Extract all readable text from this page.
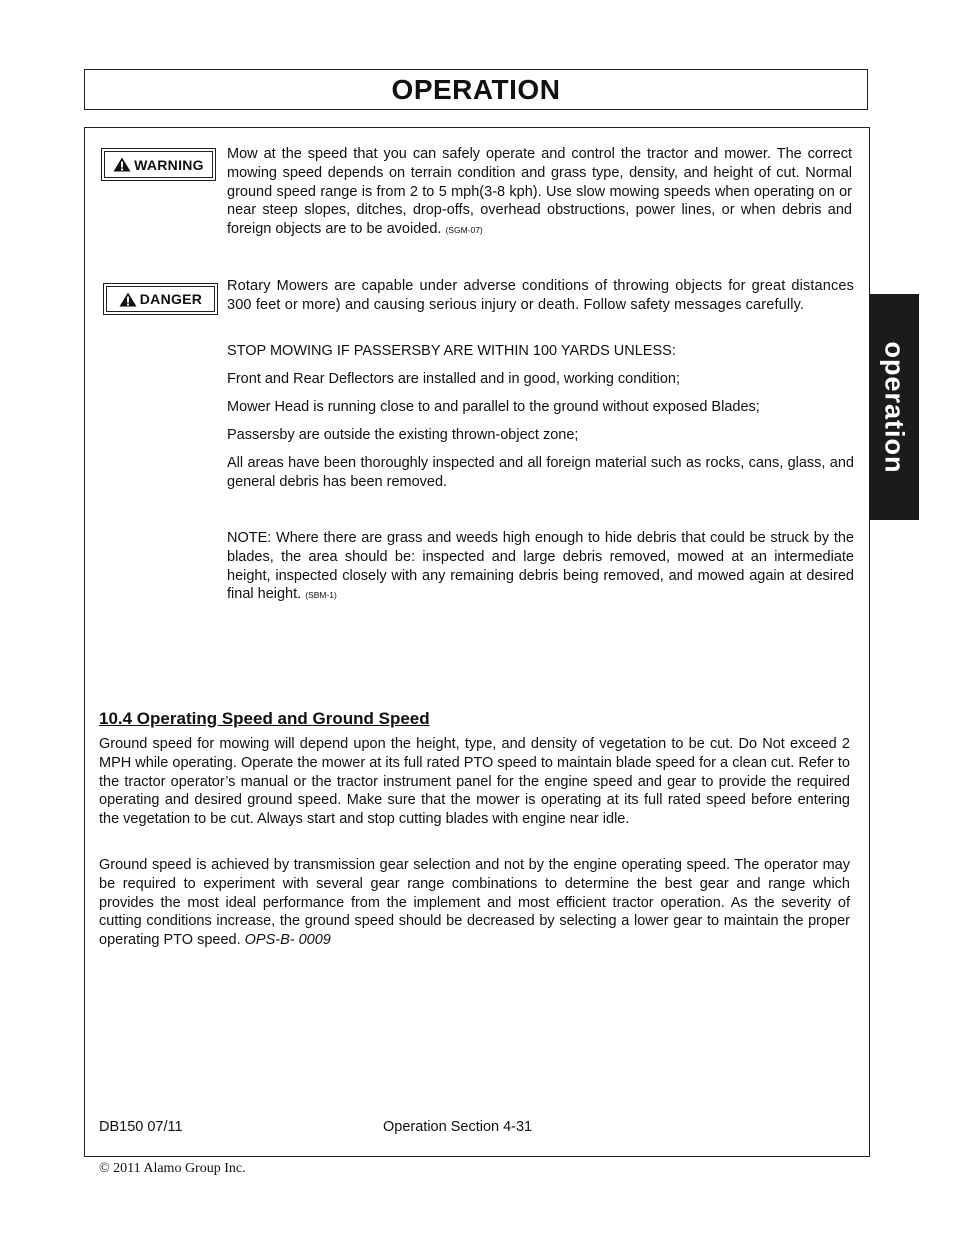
OPERATION
operation
WARNING
Mow at the speed that you can safely operate and control the tractor and mower. The correct mowing speed depends on terrain condition and grass type, density, and height of cut. Normal ground speed range is from 2 to 5 mph(3-8 kph). Use slow mowing speeds when operating on or near steep slopes, ditches, drop-offs, overhead obstructions, power lines, or when debris and foreign objects are to be avoided. (SGM-07)
DANGER
Rotary Mowers are capable under adverse conditions of throwing objects for great distances 300 feet or more) and causing serious injury or death. Follow safety messages carefully.
STOP MOWING IF PASSERSBY ARE WITHIN 100 YARDS UNLESS:
Front and Rear Deflectors are installed and in good, working condition;
Mower Head is running close to and parallel to the ground without exposed Blades;
Passersby are outside the existing thrown-object zone;
All areas have been thoroughly inspected and all foreign material such as rocks, cans, glass, and general debris has been removed.
NOTE: Where there are grass and weeds high enough to hide debris that could be struck by the blades, the area should be: inspected and large debris removed, mowed at an intermediate height, inspected closely with any remaining debris being removed, and mowed again at desired final height. (SBM-1)
10.4 Operating Speed and Ground Speed
Ground speed for mowing will depend upon the height, type, and density of vegetation to be cut. Do Not exceed 2 MPH while operating. Operate the mower at its full rated PTO speed to maintain blade speed for a clean cut. Refer to the tractor operator’s manual or the tractor instrument panel for the engine speed and gear to provide the required operating and desired ground speed. Make sure that the mower is operating at its full rated speed before entering the vegetation to be cut. Always start and stop cutting blades with engine near idle.
Ground speed is achieved by transmission gear selection and not by the engine operating speed. The operator may be required to experiment with several gear range combinations to determine the best gear and range which provides the most ideal performance from the implement and most efficient tractor operation. As the severity of cutting conditions increase, the ground speed should be decreased by selecting a lower gear to maintain the proper operating PTO speed. OPS-B- 0009
DB150 07/11	Operation Section 4-31
© 2011 Alamo Group Inc.
